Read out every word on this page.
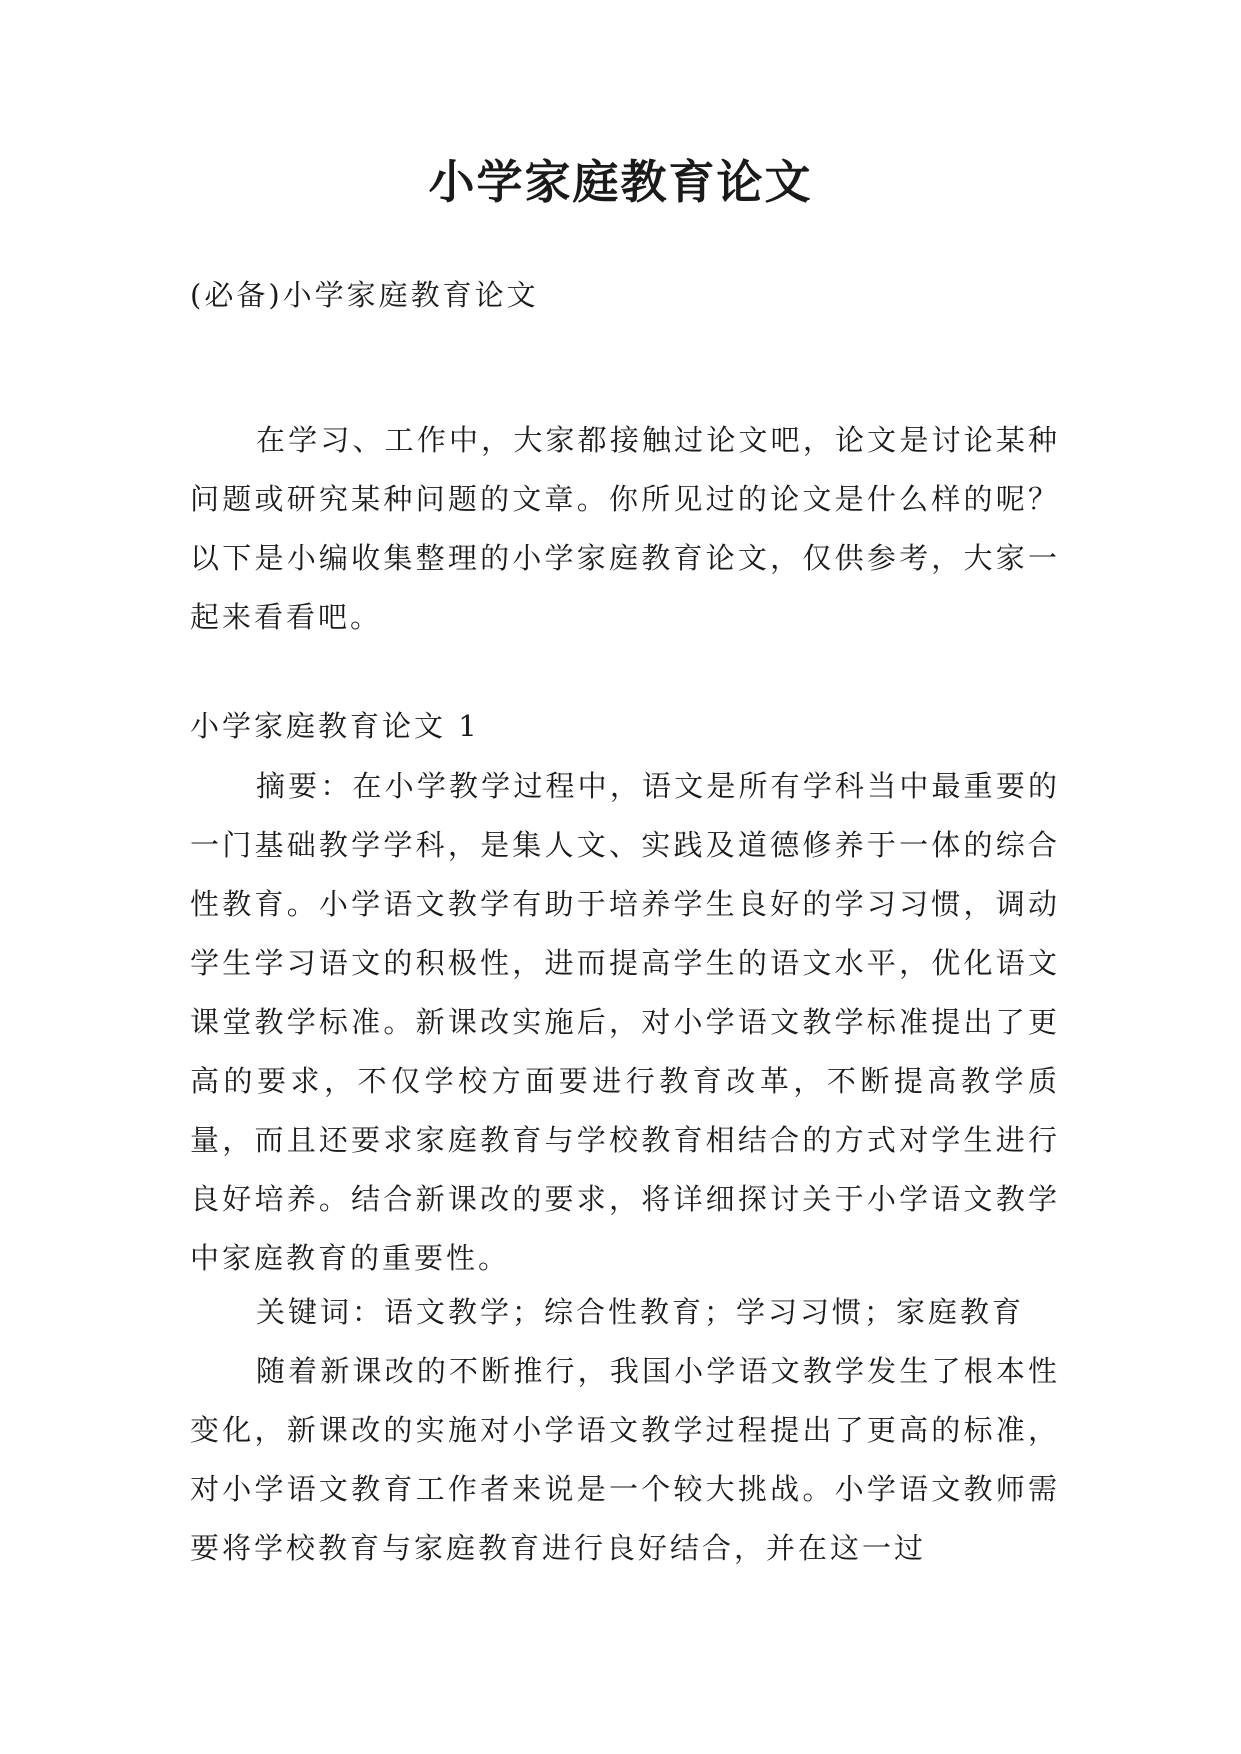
小学家庭教育论文

(必备)小学家庭教育论文

在学习、工作中，大家都接触过论文吧，论文是讨论某种问题或研究某种问题的文章。你所见过的论文是什么样的呢？以下是小编收集整理的小学家庭教育论文，仅供参考，大家一起来看看吧。

小学家庭教育论文 1

摘要：在小学教学过程中，语文是所有学科当中最重要的一门基础教学学科，是集人文、实践及道德修养于一体的综合性教育。小学语文教学有助于培养学生良好的学习习惯，调动学生学习语文的积极性，进而提高学生的语文水平，优化语文课堂教学标准。新课改实施后，对小学语文教学标准提出了更高的要求，不仅学校方面要进行教育改革，不断提高教学质量，而且还要求家庭教育与学校教育相结合的方式对学生进行良好培养。结合新课改的要求，将详细探讨关于小学语文教学中家庭教育的重要性。

关键词：语文教学；综合性教育；学习习惯；家庭教育

随着新课改的不断推行，我国小学语文教学发生了根本性变化，新课改的实施对小学语文教学过程提出了更高的标准，对小学语文教育工作者来说是一个较大挑战。小学语文教师需要将学校教育与家庭教育进行良好结合，并在这一过
